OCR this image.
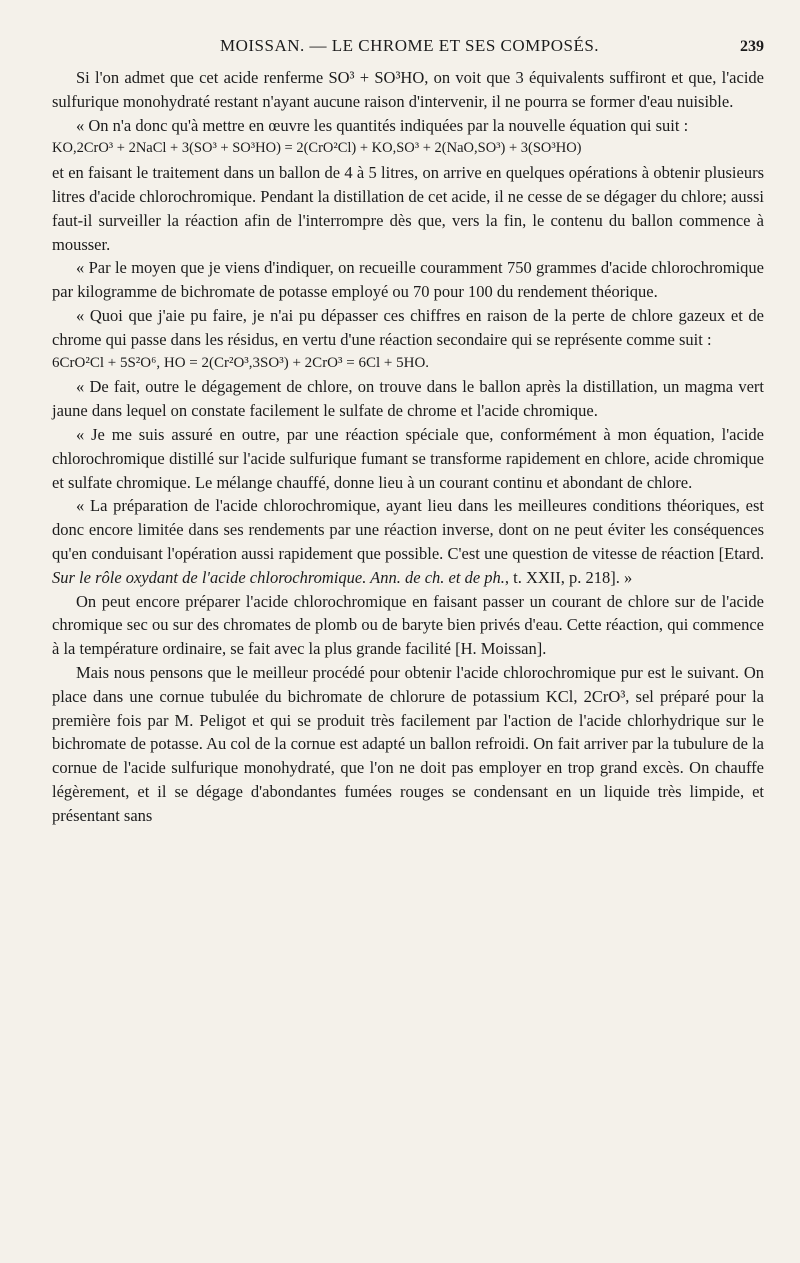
MOISSAN. — LE CHROME ET SES COMPOSÉS.	239

Si l'on admet que cet acide renferme SO³ + SO³HO, on voit que 3 équivalents suffiront et que, l'acide sulfurique monohydraté restant n'ayant aucune raison d'intervenir, il ne pourra se former d'eau nuisible.

« On n'a donc qu'à mettre en œuvre les quantités indiquées par la nouvelle équation qui suit :

KO,2CrO³ + 2NaCl + 3(SO³ + SO³HO) = 2(CrO²Cl) + KO,SO³ + 2(NaO,SO³) + 3(SO³HO)

et en faisant le traitement dans un ballon de 4 à 5 litres, on arrive en quelques opérations à obtenir plusieurs litres d'acide chlorochromique. Pendant la distillation de cet acide, il ne cesse de se dégager du chlore; aussi faut-il surveiller la réaction afin de l'interrompre dès que, vers la fin, le contenu du ballon commence à mousser.

« Par le moyen que je viens d'indiquer, on recueille couramment 750 grammes d'acide chlorochromique par kilogramme de bichromate de potasse employé ou 70 pour 100 du rendement théorique.

« Quoi que j'aie pu faire, je n'ai pu dépasser ces chiffres en raison de la perte de chlore gazeux et de chrome qui passe dans les résidus, en vertu d'une réaction secondaire qui se représente comme suit :

6CrO²Cl + 5S²O⁶, HO = 2(Cr²O³,3SO³) + 2CrO³ = 6Cl + 5HO.

« De fait, outre le dégagement de chlore, on trouve dans le ballon après la distillation, un magma vert jaune dans lequel on constate facilement le sulfate de chrome et l'acide chromique.

« Je me suis assuré en outre, par une réaction spéciale que, conformément à mon équation, l'acide chlorochromique distillé sur l'acide sulfurique fumant se transforme rapidement en chlore, acide chromique et sulfate chromique. Le mélange chauffé, donne lieu à un courant continu et abondant de chlore.

« La préparation de l'acide chlorochromique, ayant lieu dans les meilleures conditions théoriques, est donc encore limitée dans ses rendements par une réaction inverse, dont on ne peut éviter les conséquences qu'en conduisant l'opération aussi rapidement que possible. C'est une question de vitesse de réaction [Etard. Sur le rôle oxydant de l'acide chlorochromique. Ann. de ch. et de ph., t. XXII, p. 218]. »

On peut encore préparer l'acide chlorochromique en faisant passer un courant de chlore sur de l'acide chromique sec ou sur des chromates de plomb ou de baryte bien privés d'eau. Cette réaction, qui commence à la température ordinaire, se fait avec la plus grande facilité [H. Moissan].

Mais nous pensons que le meilleur procédé pour obtenir l'acide chlorochromique pur est le suivant. On place dans une cornue tubulée du bichromate de chlorure de potassium KCl, 2CrO³, sel préparé pour la première fois par M. Peligot et qui se produit très facilement par l'action de l'acide chlorhydrique sur le bichromate de potasse. Au col de la cornue est adapté un ballon refroidi. On fait arriver par la tubulure de la cornue de l'acide sulfurique monohydraté, que l'on ne doit pas employer en trop grand excès. On chauffe légèrement, et il se dégage d'abondantes fumées rouges se condensant en un liquide très limpide, et présentant sans
